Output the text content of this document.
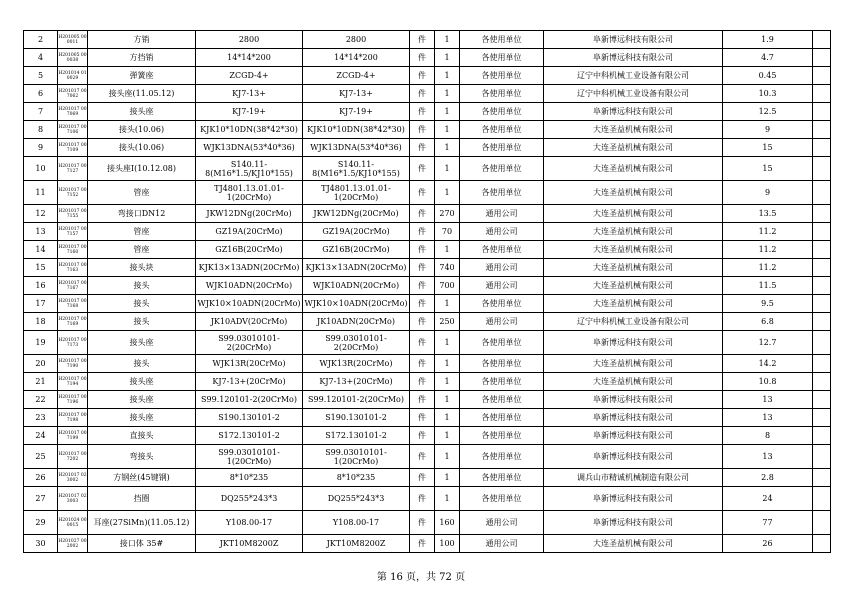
2	H201005 000011	方销	2800	2800	件	1	各使用单位	阜新博远科技有限公司	1.9	
4	H201005 000038	方挡销	14*14*200	14*14*200	件	1	各使用单位	阜新博远科技有限公司	4.7	
5	H201014 010029	弹簧座	ZCGD-4+	ZCGD-4+	件	1	各使用单位	辽宁中科机械工业设备有限公司	0.45	
6	H201017 007062	接头座(11.05.12)	KJ7-13+	KJ7-13+	件	1	各使用单位	辽宁中科机械工业设备有限公司	10.3	
7	H201017 007069	接头座	KJ7-19+	KJ7-19+	件	1	各使用单位	阜新博远科技有限公司	12.5	
8	H201017 007106	接头(10.06)	KJK10*10DN(38*42*30)	KJK10*10DN(38*42*30)	件	1	各使用单位	大连圣益机械有限公司	9	
9	H201017 007109	接头(10.06)	WJK13DNA(53*40*36)	WJK13DNA(53*40*36)	件	1	各使用单位	大连圣益机械有限公司	15	
10	H201017 007127	接头座Ⅰ(10.12.08)	S140.11-8(M16*1.5/KJ10*155)	S140.11-8(M16*1.5/KJ10*155)	件	1	各使用单位	大连圣益机械有限公司	15	
11	H201017 007152	管座	TJ4801.13.01.01-1(20CrMo)	TJ4801.13.01.01-1(20CrMo)	件	1	各使用单位	大连圣益机械有限公司	9	
12	H201017 007155	弯接口DN12	JKW12DNg(20CrMo)	JKW12DNg(20CrMo)	件	270	通用公司	大连圣益机械有限公司	13.5	
13	H201017 007157	管座	GZ19A(20CrMo)	GZ19A(20CrMo)	件	70	通用公司	大连圣益机械有限公司	11.2	
14	H201017 007160	管座	GZ16B(20CrMo)	GZ16B(20CrMo)	件	1	各使用单位	大连圣益机械有限公司	11.2	
15	H201017 007163	接头块	KJK13×13ADN(20CrMo)	KJK13×13ADN(20CrMo)	件	740	通用公司	大连圣益机械有限公司	11.2	
16	H201017 007167	接头	WJK10ADN(20CrMo)	WJK10ADN(20CrMo)	件	700	通用公司	大连圣益机械有限公司	11.5	
17	H201017 007168	接头	WJK10×10ADN(20CrMo)	WJK10×10ADN(20CrMo)	件	1	各使用单位	大连圣益机械有限公司	9.5	
18	H201017 007169	接头	JK10ADV(20CrMo)	JK10ADN(20CrMo)	件	250	通用公司	辽宁中科机械工业设备有限公司	6.8	
19	H201017 007173	接头座	S99.03010101-2(20CrMo)	S99.03010101-2(20CrMo)	件	1	各使用单位	阜新博远科技有限公司	12.7	
20	H201017 007190	接头	WJK13R(20CrMo)	WJK13R(20CrMo)	件	1	各使用单位	大连圣益机械有限公司	14.2	
21	H201017 007194	接头座	KJ7-13+(20CrMo)	KJ7-13+(20CrMo)	件	1	各使用单位	大连圣益机械有限公司	10.8	
22	H201017 007196	接头座	S99.120101-2(20CrMo)	S99.120101-2(20CrMo)	件	1	各使用单位	阜新博远科技有限公司	13	
23	H201017 007198	接头座	S190.130101-2	S190.130101-2	件	1	各使用单位	阜新博远科技有限公司	13	
24	H201017 007199	直接头	S172.130101-2	S172.130101-2	件	1	各使用单位	阜新博远科技有限公司	8	
25	H201017 007202	弯接头	S99.03010101-1(20CrMo)	S99.03010101-1(20CrMo)	件	1	各使用单位	阜新博远科技有限公司	13	
26	H201017 023002	方钢丝(45键钢)	8*10*235	8*10*235	件	1	各使用单位	调兵山市精诚机械制造有限公司	2.8	
27	H201017 023003	挡圈	DQ255*243*3	DQ255*243*3	件	1	各使用单位	阜新博远科技有限公司	24	
29	H201024 000015	耳座(27SiMn)(11.05.12)	Y108.00-17	Y108.00-17	件	160	通用公司	阜新博远科技有限公司	77	
30	H201027 002002	接口体 35#	JKT10M8200Z	JKT10M8200Z	件	100	通用公司	大连圣益机械有限公司	26	
第 16 页，共 72 页
